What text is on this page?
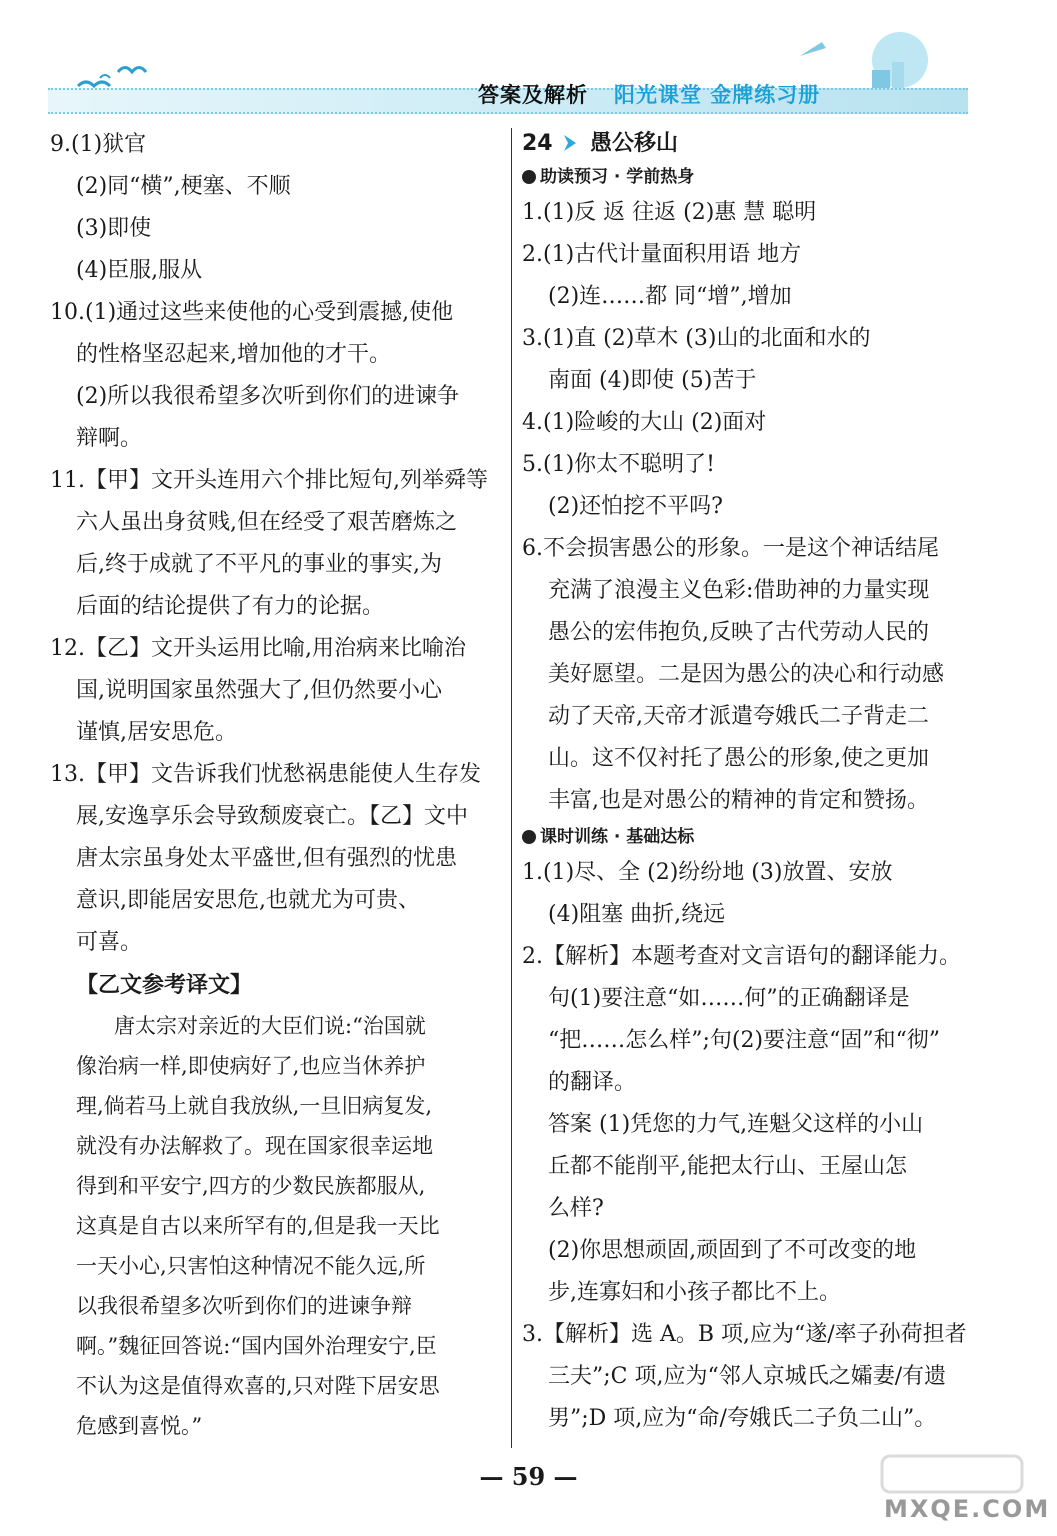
答案及解析 阳光课堂 金牌练习册
9.(1)狱官
(2)同“横”,梗塞、不顺
(3)即使
(4)臣服,服从
10.(1)通过这些来使他的心受到震撼,使他
的性格坚忍起来,增加他的才干。
(2)所以我很希望多次听到你们的进谏争
辩啊。
11.【甲】文开头连用六个排比短句,列举舜等
六人虽出身贫贱,但在经受了艰苦磨炼之
后,终于成就了不平凡的事业的事实,为
后面的结论提供了有力的论据。
12.【乙】文开头运用比喻,用治病来比喻治
国,说明国家虽然强大了,但仍然要小心
谨慎,居安思危。
13.【甲】文告诉我们忧愁祸患能使人生存发
展,安逸享乐会导致颓废衰亡。【乙】文中
唐太宗虽身处太平盛世,但有强烈的忧患
意识,即能居安思危,也就尤为可贵、
可喜。
【乙文参考译文】
唐太宗对亲近的大臣们说:“治国就
像治病一样,即使病好了,也应当休养护
理,倘若马上就自我放纵,一旦旧病复发,
就没有办法解救了。现在国家很幸运地
得到和平安宁,四方的少数民族都服从,
这真是自古以来所罕有的,但是我一天比
一天小心,只害怕这种情况不能久远,所
以我很希望多次听到你们的进谏争辩
啊。”魏征回答说:“国内国外治理安宁,臣
不认为这是值得欢喜的,只对陛下居安思
危感到喜悦。”
24 愚公移山
助读预习 · 学前热身
1.(1)反 返 往返 (2)惠 慧 聪明
2.(1)古代计量面积用语 地方
(2)连……都 同“增”,增加
3.(1)直 (2)草木 (3)山的北面和水的
南面 (4)即使 (5)苦于
4.(1)险峻的大山 (2)面对
5.(1)你太不聪明了!
(2)还怕挖不平吗?
6.不会损害愚公的形象。一是这个神话结尾
充满了浪漫主义色彩:借助神的力量实现
愚公的宏伟抱负,反映了古代劳动人民的
美好愿望。二是因为愚公的决心和行动感
动了天帝,天帝才派遣夸娥氏二子背走二
山。这不仅衬托了愚公的形象,使之更加
丰富,也是对愚公的精神的肯定和赞扬。
课时训练 · 基础达标
1.(1)尽、全 (2)纷纷地 (3)放置、安放
(4)阻塞 曲折,绕远
2.【解析】本题考查对文言语句的翻译能力。
句(1)要注意“如……何”的正确翻译是
“把……怎么样”;句(2)要注意“固”和“彻”
的翻译。
答案 (1)凭您的力气,连魁父这样的小山
丘都不能削平,能把太行山、王屋山怎
么样?
(2)你思想顽固,顽固到了不可改变的地
步,连寡妇和小孩子都比不上。
3.【解析】选 A。B 项,应为“遂/率子孙荷担者
三夫”;C 项,应为“邻人京城氏之孀妻/有遗
男”;D 项,应为“命/夸娥氏二子负二山”。
— 59 —
MXQE.COM
